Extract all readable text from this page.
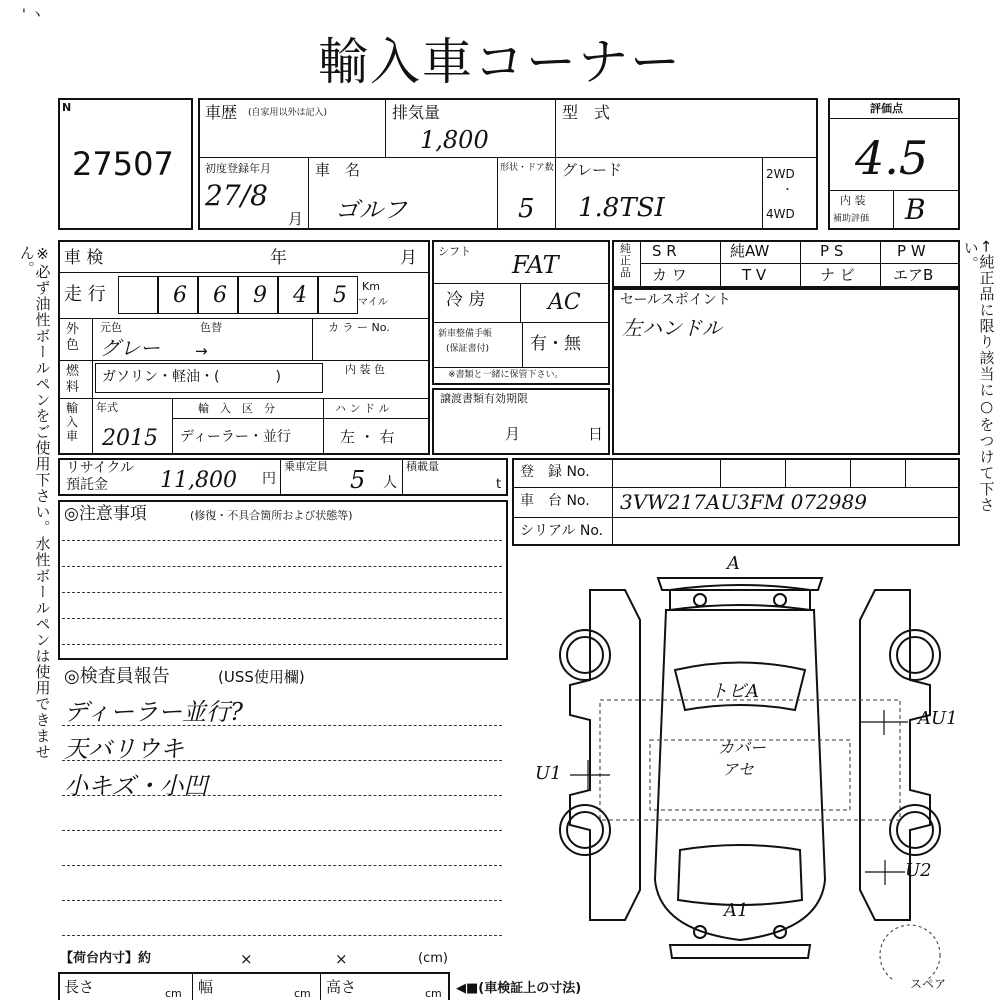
' ヽ
輸入車コーナー
※必ず油性ボールペンをご使用下さい。水性ボールペンは使用できません。	←純正品に限り該当に○をつけて下さい。
N
27507
車歴 (自家用以外は記入)	排気量
1,800
型　式
初度登録年月
27/8
月
車　名
ゴルフ
形状・ドア数
5
グレード
1.8TSI
2WD
・
4WD
評価点
4.5
内 装
補助評価 B
車 検	年	月
走 行	6 6 9 4 5 Km
マイル
外色
元色	色替
グレー →
カ ラ ー No.
燃料
ガソリン・軽油・(　　　　)	内 装 色
輸入車
年式
2015
輸　入　区　分
ディーラー・並行
ハ ン ド ル
左 ・ 右
シフト FAT
冷 房	AC
新車整備手帳
(保証書付) 有・無
※書類と一緒に保管下さい。
譲渡書類有効期限
月	日
純正品
S R	純AW	P S	P W
カ ワ	T V	ナ ビ	エアB
セールスポイント
左ハンドル
リサイクル
預託金 11,800 円
乗車定員 5 人
積載量
t
登　録 No.
車　台 No. 3VW217AU3FM 072989
シリアル No.
◎注意事項	(修復・不具合箇所および状態等)
◎検査員報告	(USS使用欄)
ディーラー並行?
天バリウキ
小キズ・小凹
A
トビA
カバー
アセ
AU1
U1
U2
A1
スペア
【荷台内寸】約	×	×	(cm)
長さ	cm 幅	cm 高さ	cm ◀■(車検証上の寸法)
